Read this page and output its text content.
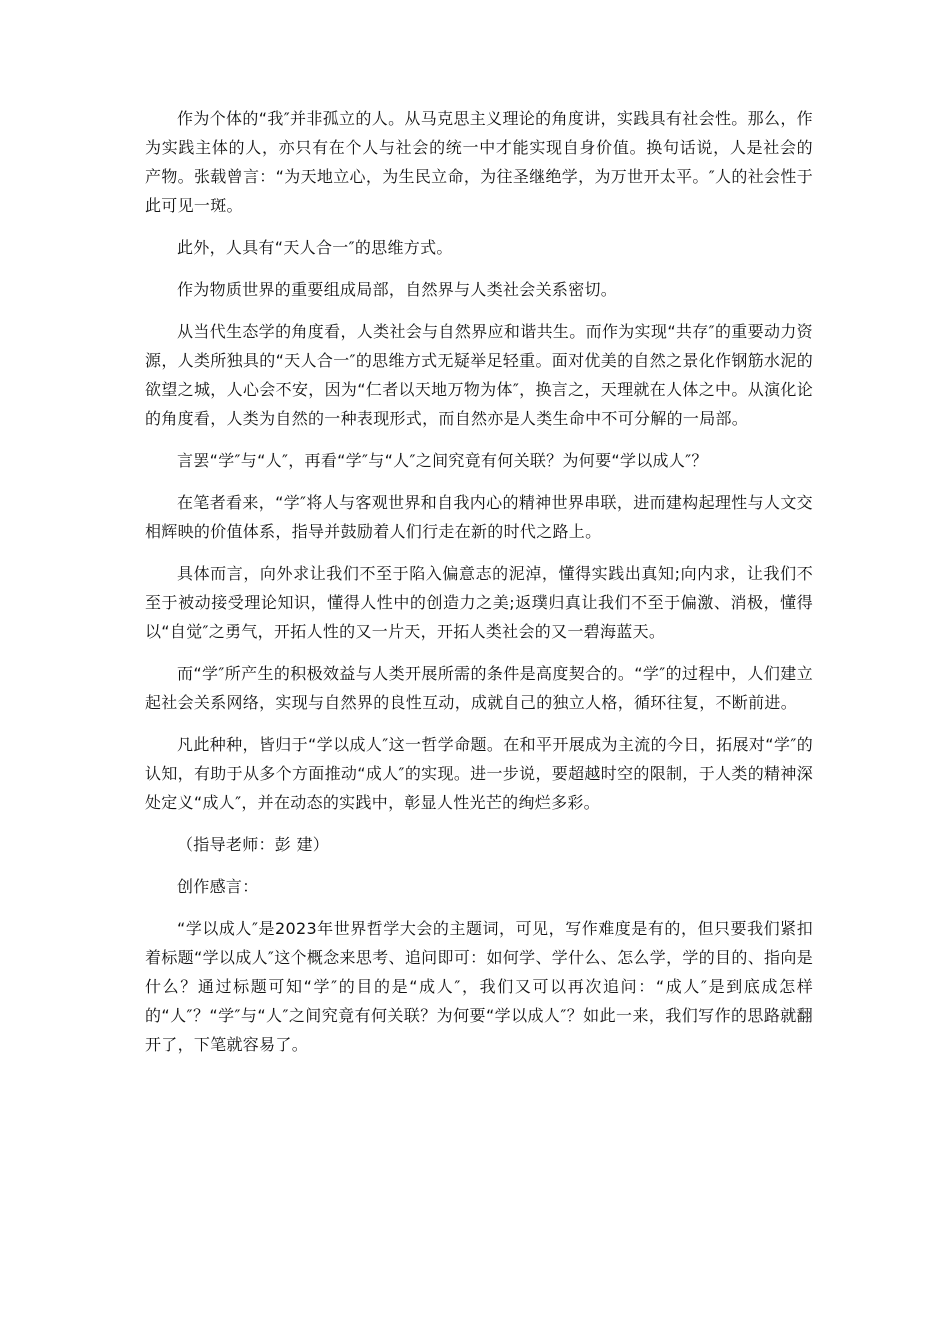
作为个体的“我″并非孤立的人。从马克思主义理论的角度讲，实践具有社会性。那么，作为实践主体的人，亦只有在个人与社会的统一中才能实现自身价值。换句话说，人是社会的产物。张载曾言：“为天地立心，为生民立命，为往圣继绝学，为万世开太平。″人的社会性于此可见一斑。

此外，人具有“天人合一″的思维方式。

作为物质世界的重要组成局部，自然界与人类社会关系密切。

从当代生态学的角度看，人类社会与自然界应和谐共生。而作为实现“共存″的重要动力资源，人类所独具的“天人合一″的思维方式无疑举足轻重。面对优美的自然之景化作钢筋水泥的欲望之城，人心会不安，因为“仁者以天地万物为体″，换言之，天理就在人体之中。从演化论的角度看，人类为自然的一种表现形式，而自然亦是人类生命中不可分解的一局部。

言罢“学″与“人″，再看“学″与“人″之间究竟有何关联？为何要“学以成人″？

在笔者看来，“学″将人与客观世界和自我内心的精神世界串联，进而建构起理性与人文交相辉映的价值体系，指导并鼓励着人们行走在新的时代之路上。

具体而言，向外求让我们不至于陷入偏意志的泥淖，懂得实践出真知;向内求，让我们不至于被动接受理论知识，懂得人性中的创造力之美;返璞归真让我们不至于偏激、消极，懂得以“自觉″之勇气，开拓人性的又一片天，开拓人类社会的又一碧海蓝天。

而“学″所产生的积极效益与人类开展所需的条件是高度契合的。“学″的过程中，人们建立起社会关系网络，实现与自然界的良性互动，成就自己的独立人格，循环往复，不断前进。

凡此种种，皆归于“学以成人″这一哲学命题。在和平开展成为主流的今日，拓展对“学″的认知，有助于从多个方面推动“成人″的实现。进一步说，要超越时空的限制，于人类的精神深处定义“成人″，并在动态的实践中，彰显人性光芒的绚烂多彩。

（指导老师：彭 建）

创作感言：

“学以成人″是2023年世界哲学大会的主题词，可见，写作难度是有的，但只要我们紧扣着标题“学以成人″这个概念来思考、追问即可：如何学、学什么、怎么学，学的目的、指向是什么？通过标题可知“学″的目的是“成人″，我们又可以再次追问：“成人″是到底成怎样的“人″？“学″与“人″之间究竟有何关联？为何要“学以成人″？如此一来，我们写作的思路就翻开了，下笔就容易了。
